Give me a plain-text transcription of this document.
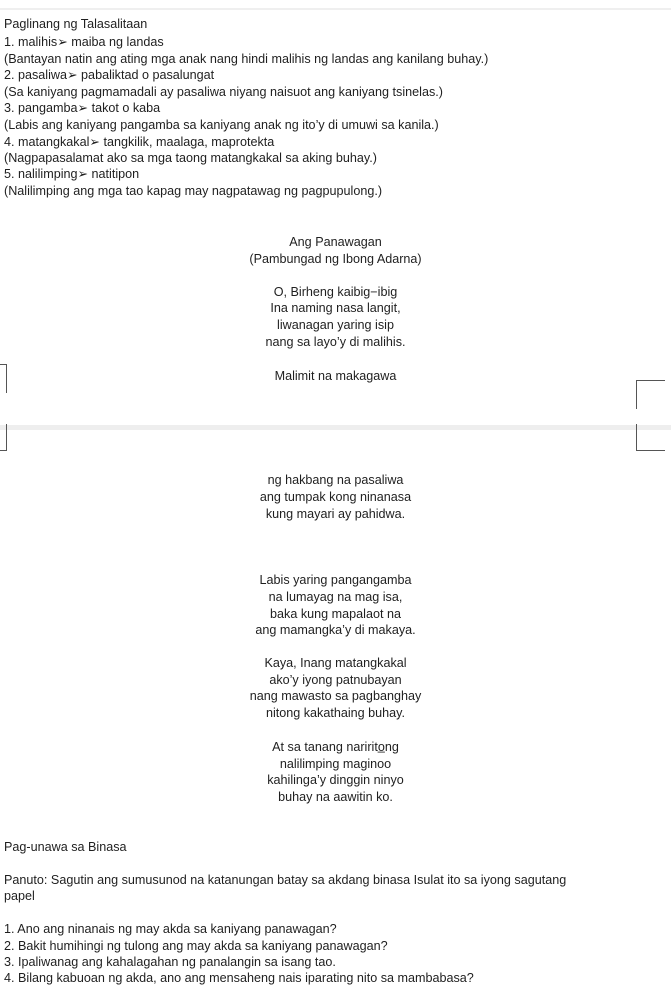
Paglinang ng Talasalitaan
1. malihis➢ maiba ng landas
(Bantayan natin ang ating mga anak nang hindi malihis ng landas ang kanilang buhay.)
2. pasaliwa➢ pabaliktad o pasalungat
(Sa kaniyang pagmamadali ay pasaliwa niyang naisuot ang kaniyang tsinelas.)
3. pangamba➢ takot o kaba
(Labis ang kaniyang pangamba sa kaniyang anak ng ito’y di umuwi sa kanila.)
4. matangkakal➢ tangkilik, maalaga, maprotekta
(Nagpapasalamat ako sa mga taong matangkakal sa aking buhay.)
5. nalilimping➢ natitipon
(Nalilimping ang mga tao kapag may nagpatawag ng pagpupulong.)
Ang Panawagan
(Pambungad ng Ibong Adarna)
O, Birheng kaibig−ibig
Ina naming nasa langit,
liwanagan yaring isip
nang sa layo’y di malihis.
Malimit na makagawa
ng hakbang na pasaliwa
ang tumpak kong ninanasa
kung mayari ay pahidwa.
Labis yaring pangangamba
na lumayag na mag isa,
baka kung mapalaot na
ang mamangka’y di makaya.
Kaya, Inang matangkakal
ako’y iyong patnubayan
nang mawasto sa pagbanghay
nitong kakathaing buhay.
At sa tanang naririto̲ng
nalilimping maginoo
kahilinga’y dinggin ninyo
buhay na aawitin ko.
Pag-unawa sa Binasa
Panuto: Sagutin ang sumusunod na katanungan batay sa akdang binasa Isulat ito sa iyong sagutang
papel
1. Ano ang ninanais ng may akda sa kaniyang panawagan?
2. Bakit humihingi ng tulong ang may akda sa kaniyang panawagan?
3. Ipaliwanag ang kahalagahan ng panalangin sa isang tao.
4. Bilang kabuoan ng akda, ano ang mensaheng nais iparating nito sa mambabasa?
